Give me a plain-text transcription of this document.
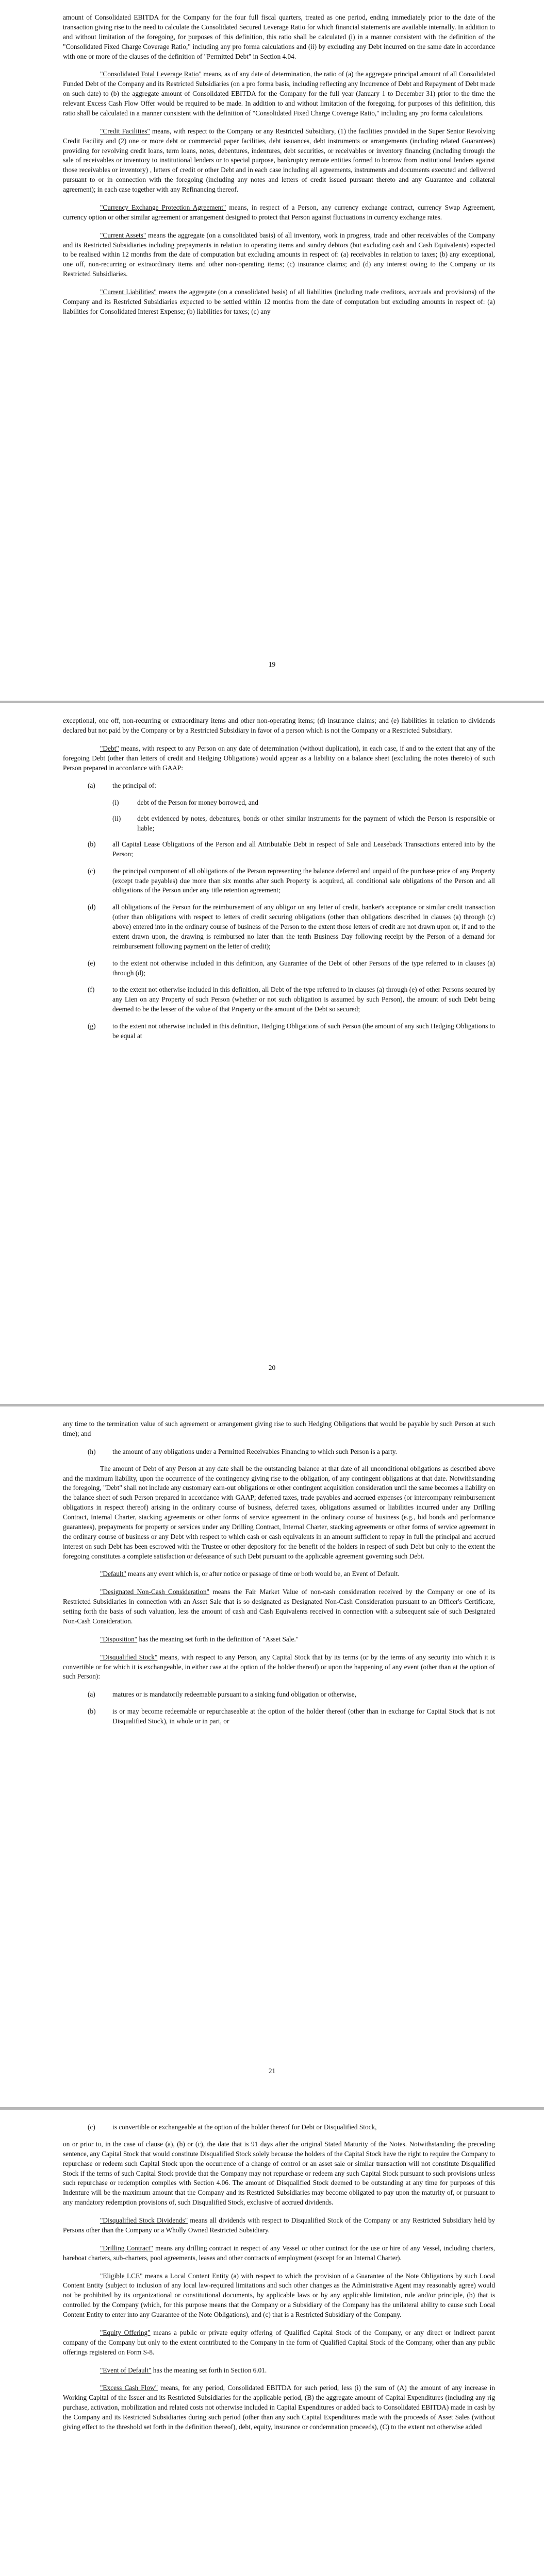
amount of Consolidated EBITDA for the Company for the four full fiscal quarters, treated as one period, ending immediately prior to the date of the transaction giving rise to the need to calculate the Consolidated Secured Leverage Ratio for which financial statements are available internally. In addition to and without limitation of the foregoing, for purposes of this definition, this ratio shall be calculated (i) in a manner consistent with the definition of the "Consolidated Fixed Charge Coverage Ratio," including any pro forma calculations and (ii) by excluding any Debt incurred on the same date in accordance with one or more of the clauses of the definition of "Permitted Debt" in Section 4.04.

"Consolidated Total Leverage Ratio" means, as of any date of determination, the ratio of (a) the aggregate principal amount of all Consolidated Funded Debt of the Company and its Restricted Subsidiaries (on a pro forma basis, including reflecting any Incurrence of Debt and Repayment of Debt made on such date) to (b) the aggregate amount of Consolidated EBITDA for the Company for the full year (January 1 to December 31) prior to the time the relevant Excess Cash Flow Offer would be required to be made. In addition to and without limitation of the foregoing, for purposes of this definition, this ratio shall be calculated in a manner consistent with the definition of "Consolidated Fixed Charge Coverage Ratio," including any pro forma calculations.

"Credit Facilities" means, with respect to the Company or any Restricted Subsidiary, (1) the facilities provided in the Super Senior Revolving Credit Facility and (2) one or more debt or commercial paper facilities, debt issuances, debt instruments or arrangements (including related Guarantees) providing for revolving credit loans, term loans, notes, debentures, indentures, debt securities, or receivables or inventory financing (including through the sale of receivables or inventory to institutional lenders or to special purpose, bankruptcy remote entities formed to borrow from institutional lenders against those receivables or inventory) , letters of credit or other Debt and in each case including all agreements, instruments and documents executed and delivered pursuant to or in connection with the foregoing (including any notes and letters of credit issued pursuant thereto and any Guarantee and collateral agreement); in each case together with any Refinancing thereof.

"Currency Exchange Protection Agreement" means, in respect of a Person, any currency exchange contract, currency Swap Agreement, currency option or other similar agreement or arrangement designed to protect that Person against fluctuations in currency exchange rates.

"Current Assets" means the aggregate (on a consolidated basis) of all inventory, work in progress, trade and other receivables of the Company and its Restricted Subsidiaries including prepayments in relation to operating items and sundry debtors (but excluding cash and Cash Equivalents) expected to be realised within 12 months from the date of computation but excluding amounts in respect of: (a) receivables in relation to taxes; (b) any exceptional, one off, non-recurring or extraordinary items and other non-operating items; (c) insurance claims; and (d) any interest owing to the Company or its Restricted Subsidiaries.

"Current Liabilities" means the aggregate (on a consolidated basis) of all liabilities (including trade creditors, accruals and provisions) of the Company and its Restricted Subsidiaries expected to be settled within 12 months from the date of computation but excluding amounts in respect of: (a) liabilities for Consolidated Interest Expense; (b) liabilities for taxes; (c) any

19

exceptional, one off, non-recurring or extraordinary items and other non-operating items; (d) insurance claims; and (e) liabilities in relation to dividends declared but not paid by the Company or by a Restricted Subsidiary in favor of a person which is not the Company or a Restricted Subsidiary.

"Debt" means, with respect to any Person on any date of determination (without duplication), in each case, if and to the extent that any of the foregoing Debt (other than letters of credit and Hedging Obligations) would appear as a liability on a balance sheet (excluding the notes thereto) of such Person prepared in accordance with GAAP:

(a)	the principal of:
(i)	debt of the Person for money borrowed, and
(ii)	debt evidenced by notes, debentures, bonds or other similar instruments for the payment of which the Person is responsible or liable;
(b)	all Capital Lease Obligations of the Person and all Attributable Debt in respect of Sale and Leaseback Transactions entered into by the Person;
(c)	the principal component of all obligations of the Person representing the balance deferred and unpaid of the purchase price of any Property (except trade payables) due more than six months after such Property is acquired, all conditional sale obligations of the Person and all obligations of the Person under any title retention agreement;
(d)	all obligations of the Person for the reimbursement of any obligor on any letter of credit, banker's acceptance or similar credit transaction (other than obligations with respect to letters of credit securing obligations (other than obligations described in clauses (a) through (c) above) entered into in the ordinary course of business of the Person to the extent those letters of credit are not drawn upon or, if and to the extent drawn upon, the drawing is reimbursed no later than the tenth Business Day following receipt by the Person of a demand for reimbursement following payment on the letter of credit);
(e)	to the extent not otherwise included in this definition, any Guarantee of the Debt of other Persons of the type referred to in clauses (a) through (d);
(f)	to the extent not otherwise included in this definition, all Debt of the type referred to in clauses (a) through (e) of other Persons secured by any Lien on any Property of such Person (whether or not such obligation is assumed by such Person), the amount of such Debt being deemed to be the lesser of the value of that Property or the amount of the Debt so secured;
(g)	to the extent not otherwise included in this definition, Hedging Obligations of such Person (the amount of any such Hedging Obligations to be equal at
20

any time to the termination value of such agreement or arrangement giving rise to such Hedging Obligations that would be payable by such Person at such time); and

(h)	the amount of any obligations under a Permitted Receivables Financing to which such Person is a party.

The amount of Debt of any Person at any date shall be the outstanding balance at that date of all unconditional obligations as described above and the maximum liability, upon the occurrence of the contingency giving rise to the obligation, of any contingent obligations at that date. Notwithstanding the foregoing, "Debt" shall not include any customary earn-out obligations or other contingent acquisition consideration until the same becomes a liability on the balance sheet of such Person prepared in accordance with GAAP; deferred taxes, trade payables and accrued expenses (or intercompany reimbursement obligations in respect thereof) arising in the ordinary course of business, deferred taxes, obligations assumed or liabilities incurred under any Drilling Contract, Internal Charter, stacking agreements or other forms of service agreement in the ordinary course of business (e.g., bid bonds and performance guarantees), prepayments for property or services under any Drilling Contract, Internal Charter, stacking agreements or other forms of service agreement in the ordinary course of business or any Debt with respect to which cash or cash equivalents in an amount sufficient to repay in full the principal and accrued interest on such Debt has been escrowed with the Trustee or other depository for the benefit of the holders in respect of such Debt but only to the extent the foregoing constitutes a complete satisfaction or defeasance of such Debt pursuant to the applicable agreement governing such Debt.

"Default" means any event which is, or after notice or passage of time or both would be, an Event of Default.

"Designated Non-Cash Consideration" means the Fair Market Value of non-cash consideration received by the Company or one of its Restricted Subsidiaries in connection with an Asset Sale that is so designated as Designated Non-Cash Consideration pursuant to an Officer's Certificate, setting forth the basis of such valuation, less the amount of cash and Cash Equivalents received in connection with a subsequent sale of such Designated Non-Cash Consideration.

"Disposition" has the meaning set forth in the definition of "Asset Sale."

"Disqualified Stock" means, with respect to any Person, any Capital Stock that by its terms (or by the terms of any security into which it is convertible or for which it is exchangeable, in either case at the option of the holder thereof) or upon the happening of any event (other than at the option of such Person):

(a)	matures or is mandatorily redeemable pursuant to a sinking fund obligation or otherwise,
(b)	is or may become redeemable or repurchaseable at the option of the holder thereof (other than in exchange for Capital Stock that is not Disqualified Stock), in whole or in part, or
21
(c)	is convertible or exchangeable at the option of the holder thereof for Debt or Disqualified Stock,

on or prior to, in the case of clause (a), (b) or (c), the date that is 91 days after the original Stated Maturity of the Notes. Notwithstanding the preceding sentence, any Capital Stock that would constitute Disqualified Stock solely because the holders of the Capital Stock have the right to require the Company to repurchase or redeem such Capital Stock upon the occurrence of a change of control or an asset sale or similar transaction will not constitute Disqualified Stock if the terms of such Capital Stock provide that the Company may not repurchase or redeem any such Capital Stock pursuant to such provisions unless such repurchase or redemption complies with Section 4.06. The amount of Disqualified Stock deemed to be outstanding at any time for purposes of this Indenture will be the maximum amount that the Company and its Restricted Subsidiaries may become obligated to pay upon the maturity of, or pursuant to any mandatory redemption provisions of, such Disqualified Stock, exclusive of accrued dividends.

"Disqualified Stock Dividends" means all dividends with respect to Disqualified Stock of the Company or any Restricted Subsidiary held by Persons other than the Company or a Wholly Owned Restricted Subsidiary.

"Drilling Contract" means any drilling contract in respect of any Vessel or other contract for the use or hire of any Vessel, including charters, bareboat charters, sub-charters, pool agreements, leases and other contracts of employment (except for an Internal Charter).

"Eligible LCE" means a Local Content Entity (a) with respect to which the provision of a Guarantee of the Note Obligations by such Local Content Entity (subject to inclusion of any local law-required limitations and such other changes as the Administrative Agent may reasonably agree) would not be prohibited by its organizational or constitutional documents, by applicable laws or by any applicable limitation, rule and/or principle, (b) that is controlled by the Company (which, for this purpose means that the Company or a Subsidiary of the Company has the unilateral ability to cause such Local Content Entity to enter into any Guarantee of the Note Obligations), and (c) that is a Restricted Subsidiary of the Company.

"Equity Offering" means a public or private equity offering of Qualified Capital Stock of the Company, or any direct or indirect parent company of the Company but only to the extent contributed to the Company in the form of Qualified Capital Stock of the Company, other than any public offerings registered on Form S-8.

"Event of Default" has the meaning set forth in Section 6.01.

"Excess Cash Flow" means, for any period, Consolidated EBITDA for such period, less (i) the sum of (A) the amount of any increase in Working Capital of the Issuer and its Restricted Subsidiaries for the applicable period, (B) the aggregate amount of Capital Expenditures (including any rig purchase, activation, mobilization and related costs not otherwise included in Capital Expenditures or added back to Consolidated EBITDA) made in cash by the Company and its Restricted Subsidiaries during such period (other than any such Capital Expenditures made with the proceeds of Asset Sales (without giving effect to the threshold set forth in the definition thereof), debt, equity, insurance or condemnation proceeds), (C) to the extent not otherwise added
